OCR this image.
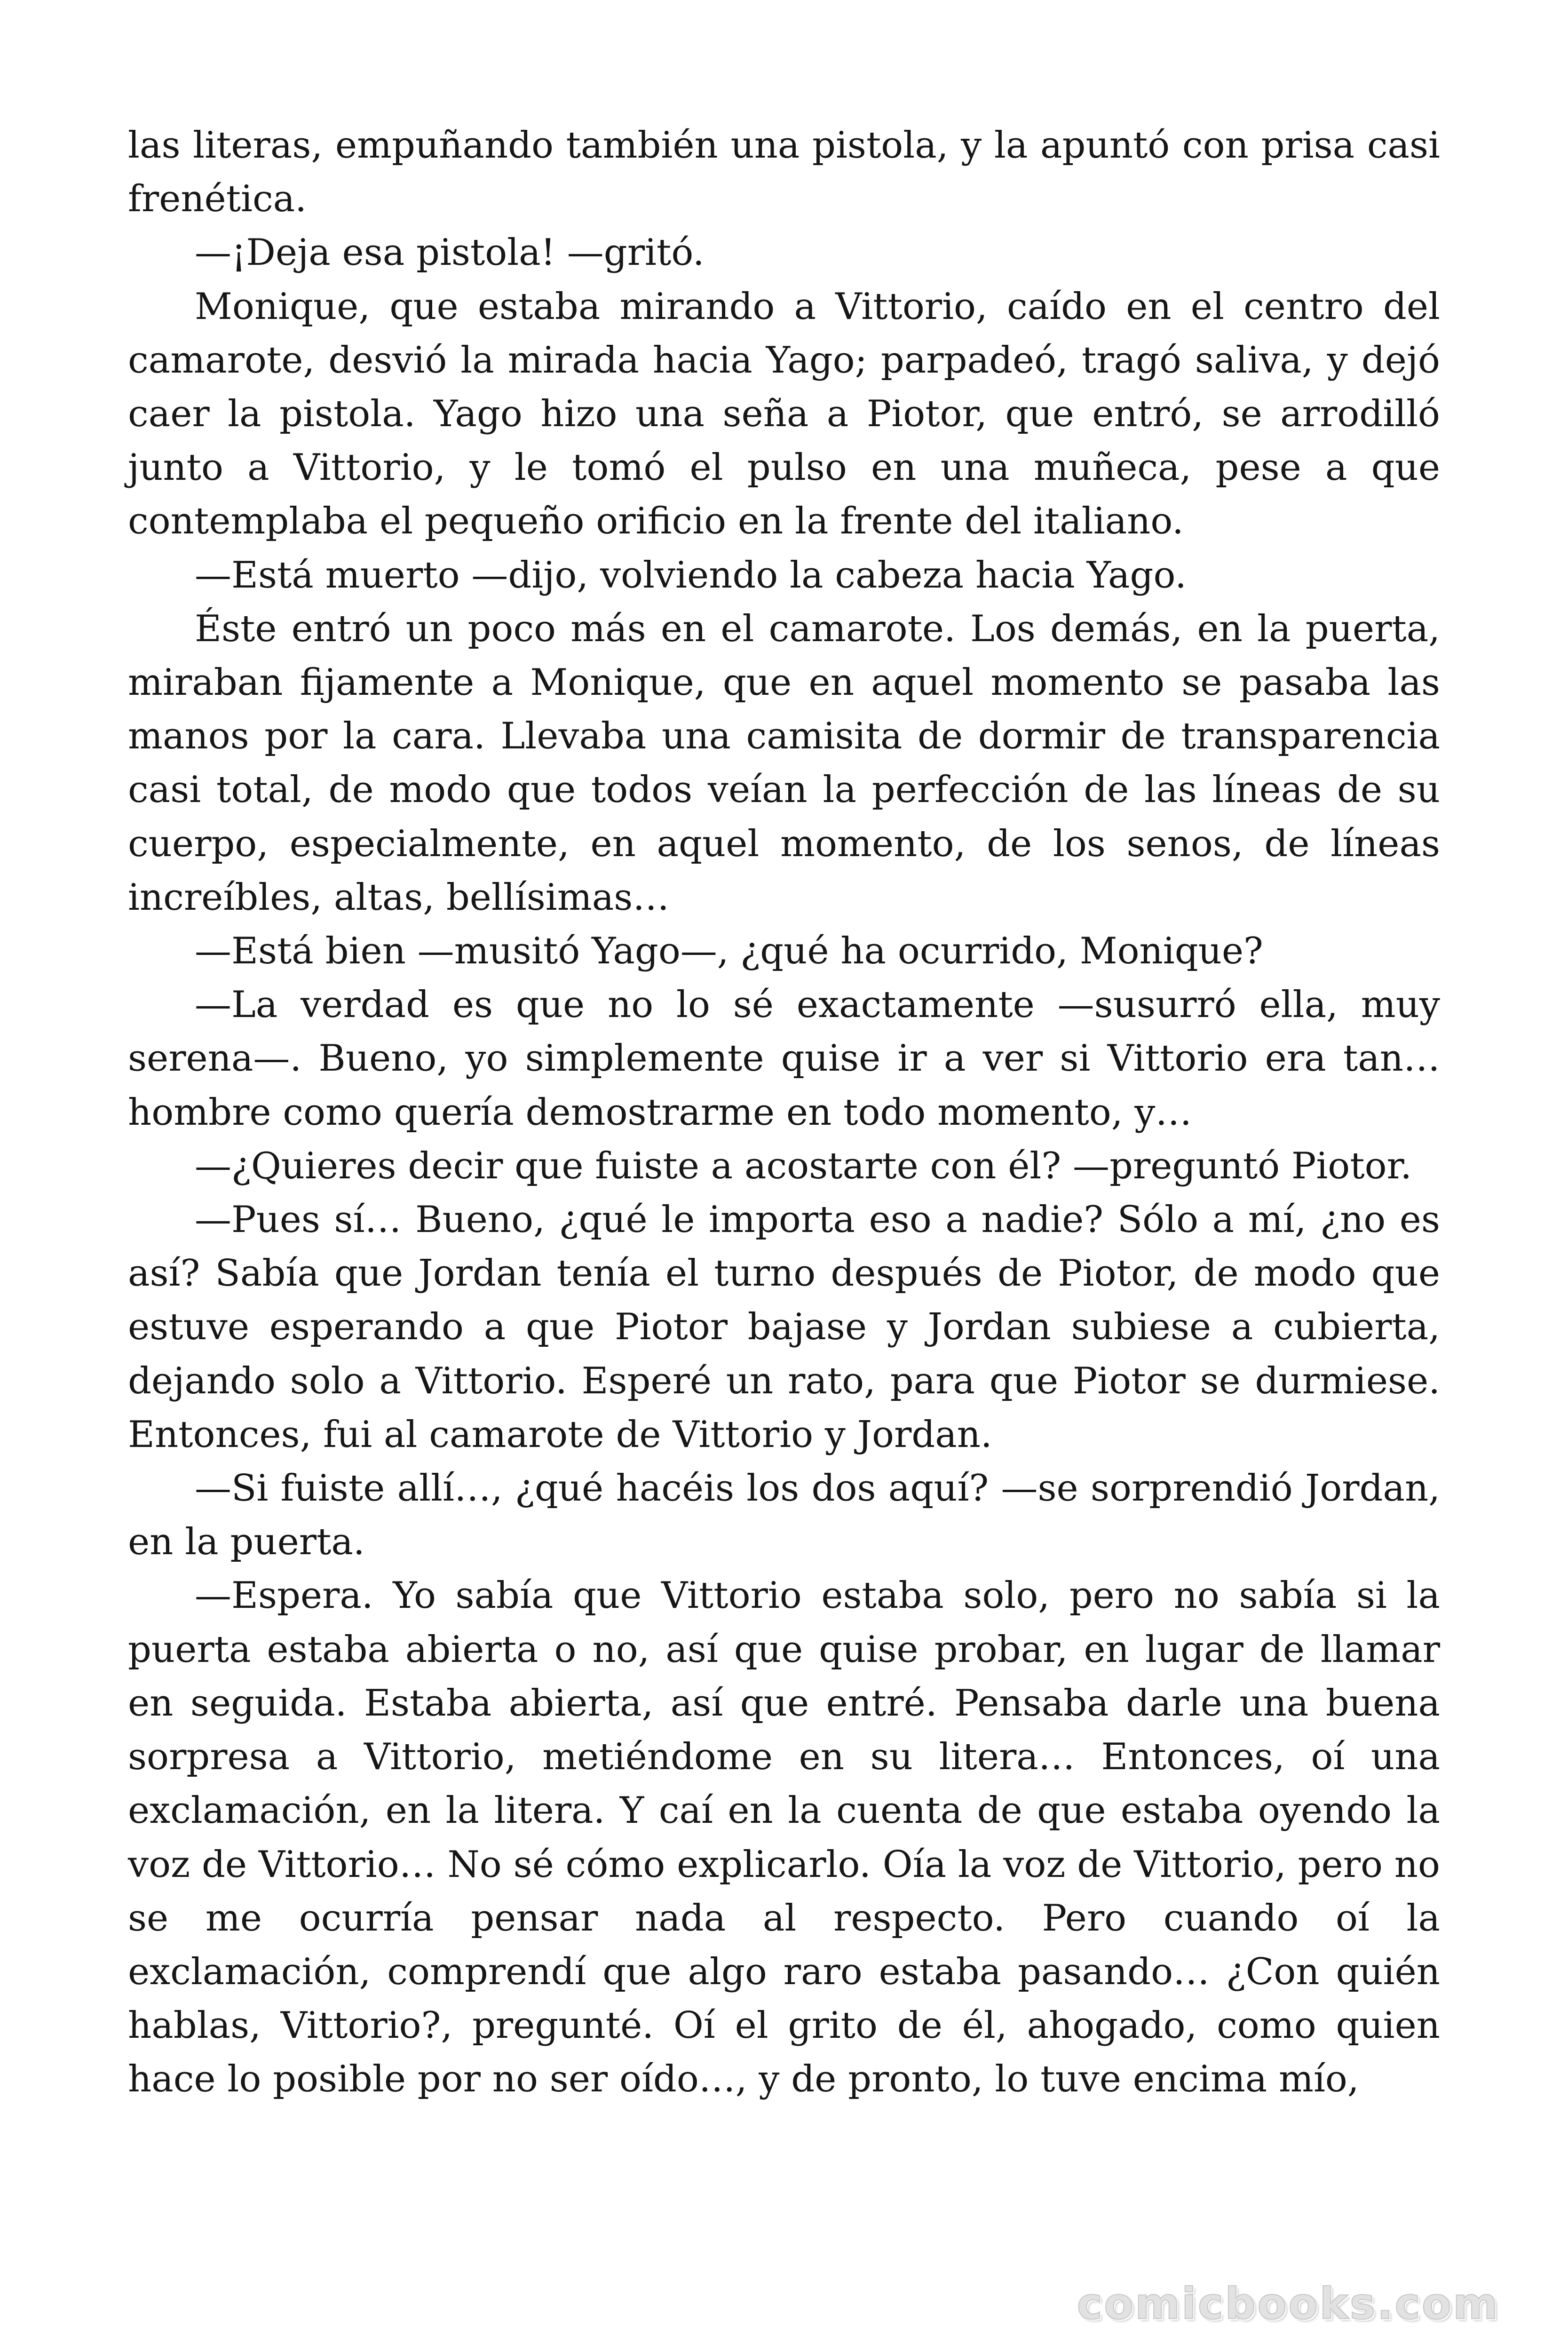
las literas, empuñando también una pistola, y la apuntó con prisa casi frenética.

—¡Deja esa pistola! —gritó.

Monique, que estaba mirando a Vittorio, caído en el centro del camarote, desvió la mirada hacia Yago; parpadeó, tragó saliva, y dejó caer la pistola. Yago hizo una seña a Piotor, que entró, se arrodilló junto a Vittorio, y le tomó el pulso en una muñeca, pese a que contemplaba el pequeño orificio en la frente del italiano.

—Está muerto —dijo, volviendo la cabeza hacia Yago.

Éste entró un poco más en el camarote. Los demás, en la puerta, miraban fijamente a Monique, que en aquel momento se pasaba las manos por la cara. Llevaba una camisita de dormir de transparencia casi total, de modo que todos veían la perfección de las líneas de su cuerpo, especialmente, en aquel momento, de los senos, de líneas increíbles, altas, bellísimas…

—Está bien —musitó Yago—, ¿qué ha ocurrido, Monique?

—La verdad es que no lo sé exactamente —susurró ella, muy serena—. Bueno, yo simplemente quise ir a ver si Vittorio era tan… hombre como quería demostrarme en todo momento, y…

—¿Quieres decir que fuiste a acostarte con él? —preguntó Piotor.

—Pues sí… Bueno, ¿qué le importa eso a nadie? Sólo a mí, ¿no es así? Sabía que Jordan tenía el turno después de Piotor, de modo que estuve esperando a que Piotor bajase y Jordan subiese a cubierta, dejando solo a Vittorio. Esperé un rato, para que Piotor se durmiese. Entonces, fui al camarote de Vittorio y Jordan.

—Si fuiste allí…, ¿qué hacéis los dos aquí? —se sorprendió Jordan, en la puerta.

—Espera. Yo sabía que Vittorio estaba solo, pero no sabía si la puerta estaba abierta o no, así que quise probar, en lugar de llamar en seguida. Estaba abierta, así que entré. Pensaba darle una buena sorpresa a Vittorio, metiéndome en su litera… Entonces, oí una exclamación, en la litera. Y caí en la cuenta de que estaba oyendo la voz de Vittorio… No sé cómo explicarlo. Oía la voz de Vittorio, pero no se me ocurría pensar nada al respecto. Pero cuando oí la exclamación, comprendí que algo raro estaba pasando… ¿Con quién hablas, Vittorio?, pregunté. Oí el grito de él, ahogado, como quien hace lo posible por no ser oído…, y de pronto, lo tuve encima mío,

comicbooks.com
